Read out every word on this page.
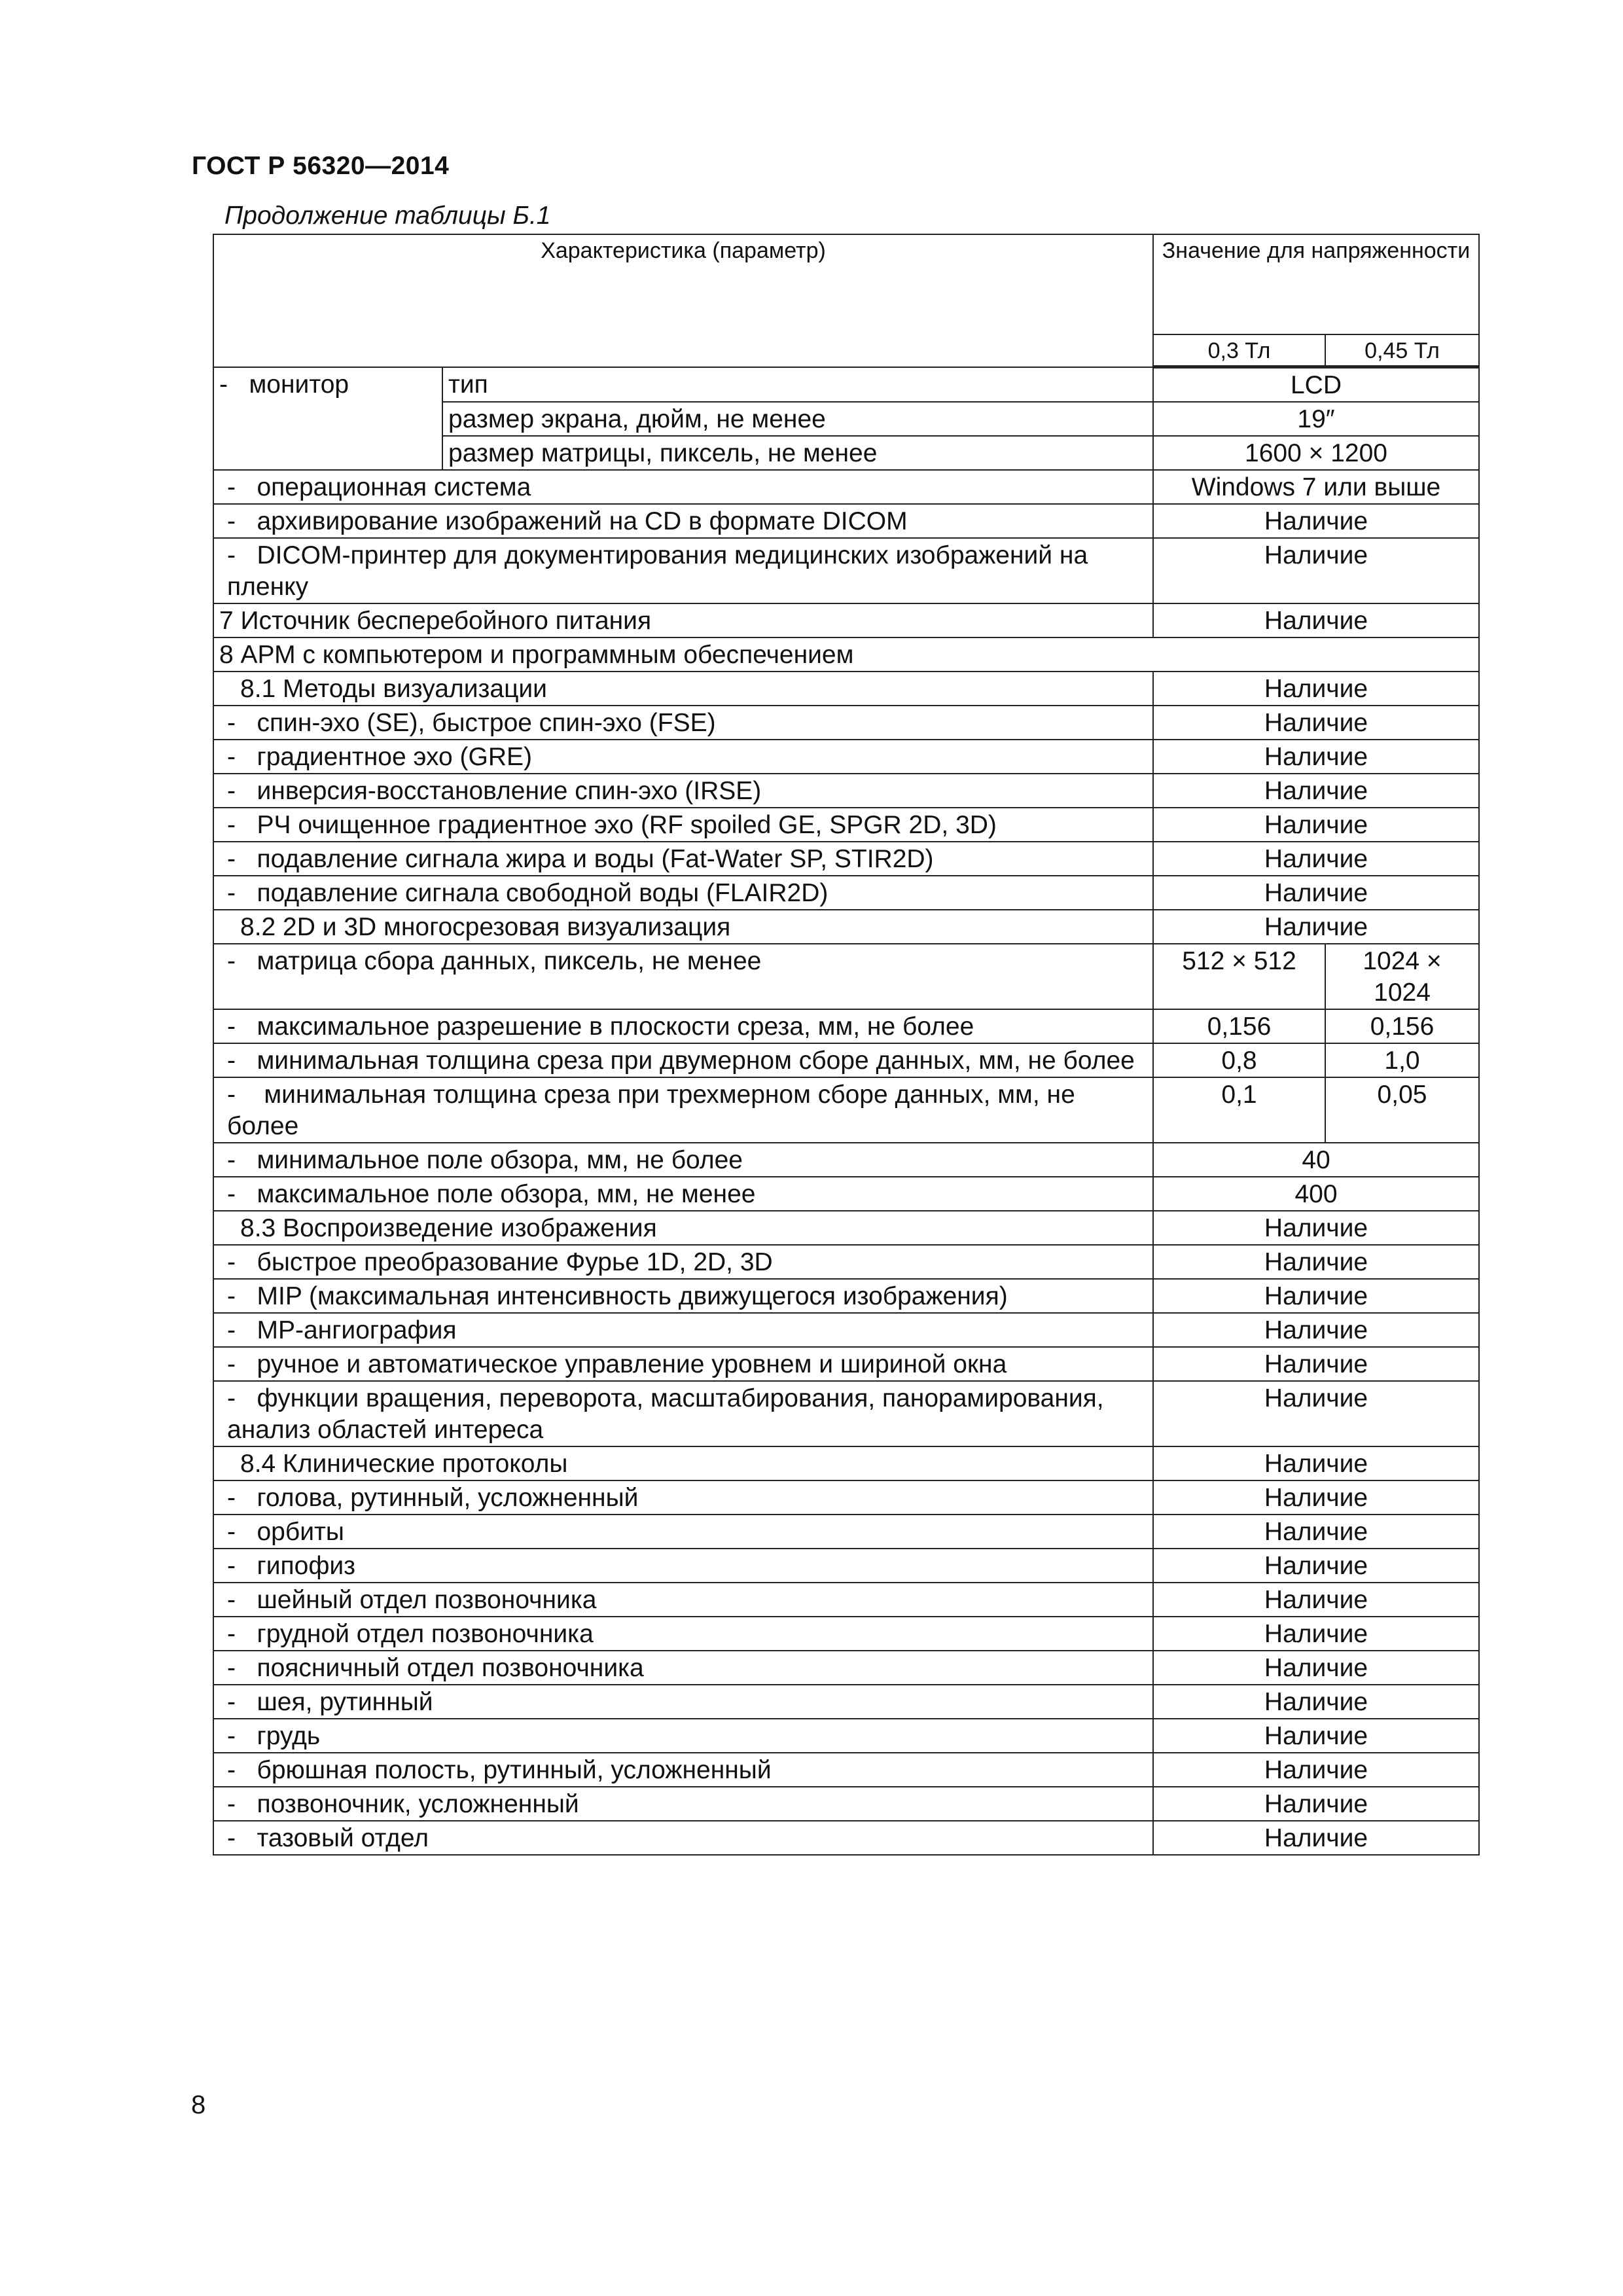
ГОСТ Р 56320—2014
Продолжение таблицы Б.1
Характеристика (параметр)		Значение для напряженности	
		0,3 Тл	0,45 Тл
-   монитор	тип	LCD	
	размер экрана, дюйм, не менее	19″	
	размер матрицы, пиксель, не менее	1600 × 1200	
-   операционная система		Windows 7 или выше	
-   архивирование изображений на CD в формате DICOM		Наличие	
-   DICOM-принтер для документирования медицинских изображений на пленку		Наличие	
7 Источник бесперебойного питания		Наличие	
8 АРМ с компьютером и программным обеспечением			
8.1 Методы визуализации		Наличие	
-   спин-эхо (SE), быстрое спин-эхо (FSE)		Наличие	
-   градиентное эхо (GRE)		Наличие	
-   инверсия-восстановление спин-эхо (IRSE)		Наличие	
-   РЧ очищенное градиентное эхо (RF spoiled GE, SPGR 2D, 3D)		Наличие	
-   подавление сигнала жира и воды (Fat-Water SP, STIR2D)		Наличие	
-   подавление сигнала свободной воды (FLAIR2D)		Наличие	
8.2 2D и 3D многосрезовая визуализация		Наличие	
-   матрица сбора данных, пиксель, не менее		512 × 512	1024 × 1024
-   максимальное разрешение в плоскости среза, мм, не более		0,156	0,156
-   минимальная толщина среза при двумерном сборе данных, мм, не более		0,8	1,0
-    минимальная толщина среза при трехмерном сборе данных, мм, не более		0,1	0,05
-   минимальное поле обзора, мм, не более		40	
-   максимальное поле обзора, мм, не менее		400	
8.3 Воспроизведение изображения		Наличие	
-   быстрое преобразование Фурье 1D, 2D, 3D		Наличие	
-   MIP (максимальная интенсивность движущегося изображения)		Наличие	
-   МР-ангиография		Наличие	
-   ручное и автоматическое управление уровнем и шириной окна		Наличие	
-   функции вращения, переворота, масштабирования, панорамирования, анализ областей интереса		Наличие	
8.4 Клинические протоколы		Наличие	
-   голова, рутинный, усложненный		Наличие	
-   орбиты		Наличие	
-   гипофиз		Наличие	
-   шейный отдел позвоночника		Наличие	
-   грудной отдел позвоночника		Наличие	
-   поясничный отдел позвоночника		Наличие	
-   шея, рутинный		Наличие	
-   грудь		Наличие	
-   брюшная полость, рутинный, усложненный		Наличие	
-   позвоночник, усложненный		Наличие	
-   тазовый отдел		Наличие	
8
